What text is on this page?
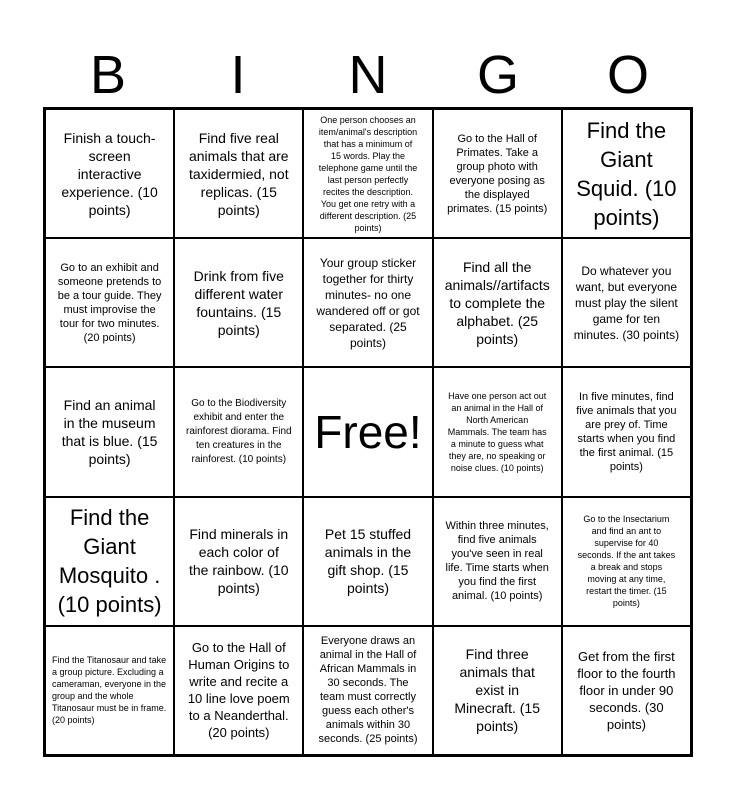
B	I	N	G	O
Finish a touch-screen interactive experience. (10 points)
Find five real animals that are taxidermied, not replicas. (15 points)
One person chooses an item/animal's description that has a minimum of 15 words. Play the telephone game until the last person perfectly recites the description. You get one retry with a different description. (25 points)
Go to the Hall of Primates. Take a group photo with everyone posing as the displayed primates. (15 points)
Find the Giant Squid. (10 points)
Go to an exhibit and someone pretends to be a tour guide. They must improvise the tour for two minutes.(20 points)
Drink from five different water fountains. (15 points)
Your group sticker together for thirty minutes- no one wandered off or got separated. (25 points)
Find all the animals//artifacts to complete the alphabet. (25 points)
Do whatever you want, but everyone must play the silent game for ten minutes. (30 points)
Find an animal in the museum that is blue. (15 points)
Go to the Biodiversity exhibit and enter the rainforest diorama. Find ten creatures in the rainforest. (10 points)
Free!
Have one person act out an animal in the Hall of North American Mammals. The team has a minute to guess what they are, no speaking or noise clues. (10 points)
In five minutes, find five animals that you are prey of. Time starts when you find the first animal. (15 points)
Find the Giant Mosquito . (10 points)
Find minerals in each color of the rainbow. (10 points)
Pet 15 stuffed animals in the gift shop. (15 points)
Within three minutes, find five animals you've seen in real life. Time starts when you find the first animal. (10 points)
Go to the Insectarium and find an ant to supervise for 40 seconds. If the ant takes a break and stops moving at any time, restart the timer. (15 points)
Find the Titanosaur and take a group picture. Excluding a cameraman, everyone in the group and the whole Titanosaur must be in frame. (20 points)
Go to the Hall of Human Origins to write and recite a 10 line love poem to a Neanderthal. (20 points)
Everyone draws an animal in the Hall of African Mammals in 30 seconds. The team must correctly guess each other's animals within 30 seconds. (25 points)
Find three animals that exist in Minecraft. (15 points)
Get from the first floor to the fourth floor in under 90 seconds. (30 points)
